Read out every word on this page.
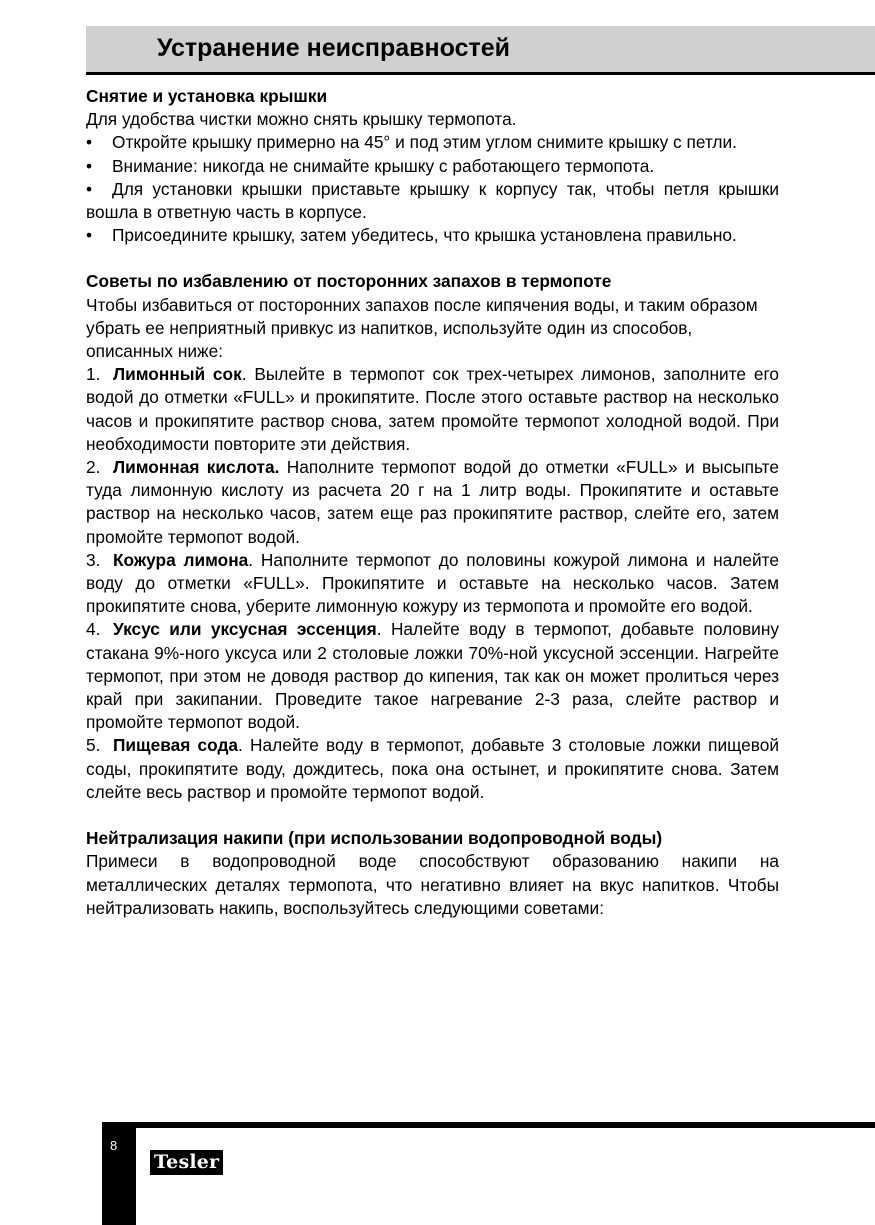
Устранение неисправностей

Снятие и установка крышки

Для удобства чистки можно снять крышку термопота.

• Откройте крышку примерно на 45° и под этим углом снимите крышку с петли.

• Внимание: никогда не снимайте крышку с работающего термопота.

• Для установки крышки приставьте крышку к корпусу так, чтобы петля крышки вошла в ответную часть в корпусе.

• Присоедините крышку, затем убедитесь, что крышка установлена правильно.

Советы по избавлению от посторонних запахов в термопоте

Чтобы избавиться от посторонних запахов после кипячения воды, и таким образом убрать ее неприятный привкус из напитков, используйте один из способов, описанных ниже:

1. Лимонный сок. Вылейте в термопот сок трех-четырех лимонов, заполните его водой до отметки «FULL» и прокипятите. После этого оставьте раствор на несколько часов и прокипятите раствор снова, затем промойте термопот холодной водой. При необходимости повторите эти действия.

2. Лимонная кислота. Наполните термопот водой до отметки «FULL» и высыпьте туда лимонную кислоту из расчета 20 г на 1 литр воды. Прокипятите и оставьте раствор на несколько часов, затем еще раз прокипятите раствор, слейте его, затем промойте термопот водой.

3. Кожура лимона. Наполните термопот до половины кожурой лимона и налейте воду до отметки «FULL». Прокипятите и оставьте на несколько часов. Затем прокипятите снова, уберите лимонную кожуру из термопота и промойте его водой.

4. Уксус или уксусная эссенция. Налейте воду в термопот, добавьте половину стакана 9%-ного уксуса или 2 столовые ложки 70%-ной уксусной эссенции. Нагрейте термопот, при этом не доводя раствор до кипения, так как он может пролиться через край при закипании. Проведите такое нагревание 2-3 раза, слейте раствор и промойте термопот водой.

5. Пищевая сода. Налейте воду в термопот, добавьте 3 столовые ложки пищевой соды, прокипятите воду, дождитесь, пока она остынет, и прокипятите снова. Затем слейте весь раствор и промойте термопот водой.

Нейтрализация накипи (при использовании водопроводной воды)

Примеси в водопроводной воде способствуют образованию накипи на металлических деталях термопота, что негативно влияет на вкус напитков. Чтобы нейтрализовать накипь, воспользуйтесь следующими советами:

8
Tesler
